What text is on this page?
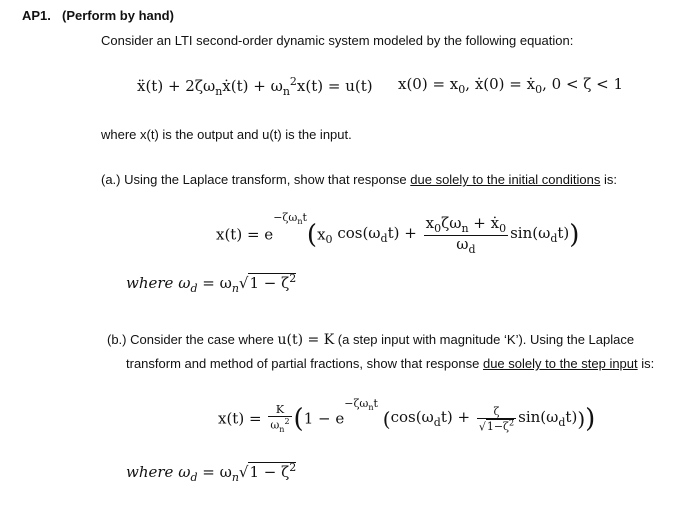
AP1. (Perform by hand)
Consider an LTI second-order dynamic system modeled by the following equation:
ẍ(t) + $2\zeta\omega_nẋ(t) + \omega_n^2x(t) = u(t) x(0) = x_0$, ẋ(0) = ẋ$_0$, 0 < ζ < 1
where x(t) is the output and u(t) is the input.
(a.) Using the Laplace transform, show that response due solely to the initial conditions is:
$x(t) = e^{-\zeta\omega_nt}(x_0$ $\cos(\omega_dt) + \frac{x_0\zeta\omega_n + ẋ_0}{\omega_d} \sin(\omega_dt)$)
where $\omega_d = \omega_n√1 - \zeta^2$
(b.) Consider the case where u(t) = K (a step input with magnitude ‘K’). Using the Laplace
transform and method of partial fractions, show that response due solely to the step input is:
$x(t) = \frac{K}{\omega_n^2} (1 - e^{-\zeta\omega_nt}$ $(\cos(\omega_dt) + \frac{\zeta}{√1-\zeta^2} \sin(\omega_dt))$)
where $\omega_d = \omega_n√1 - \zeta^2$
